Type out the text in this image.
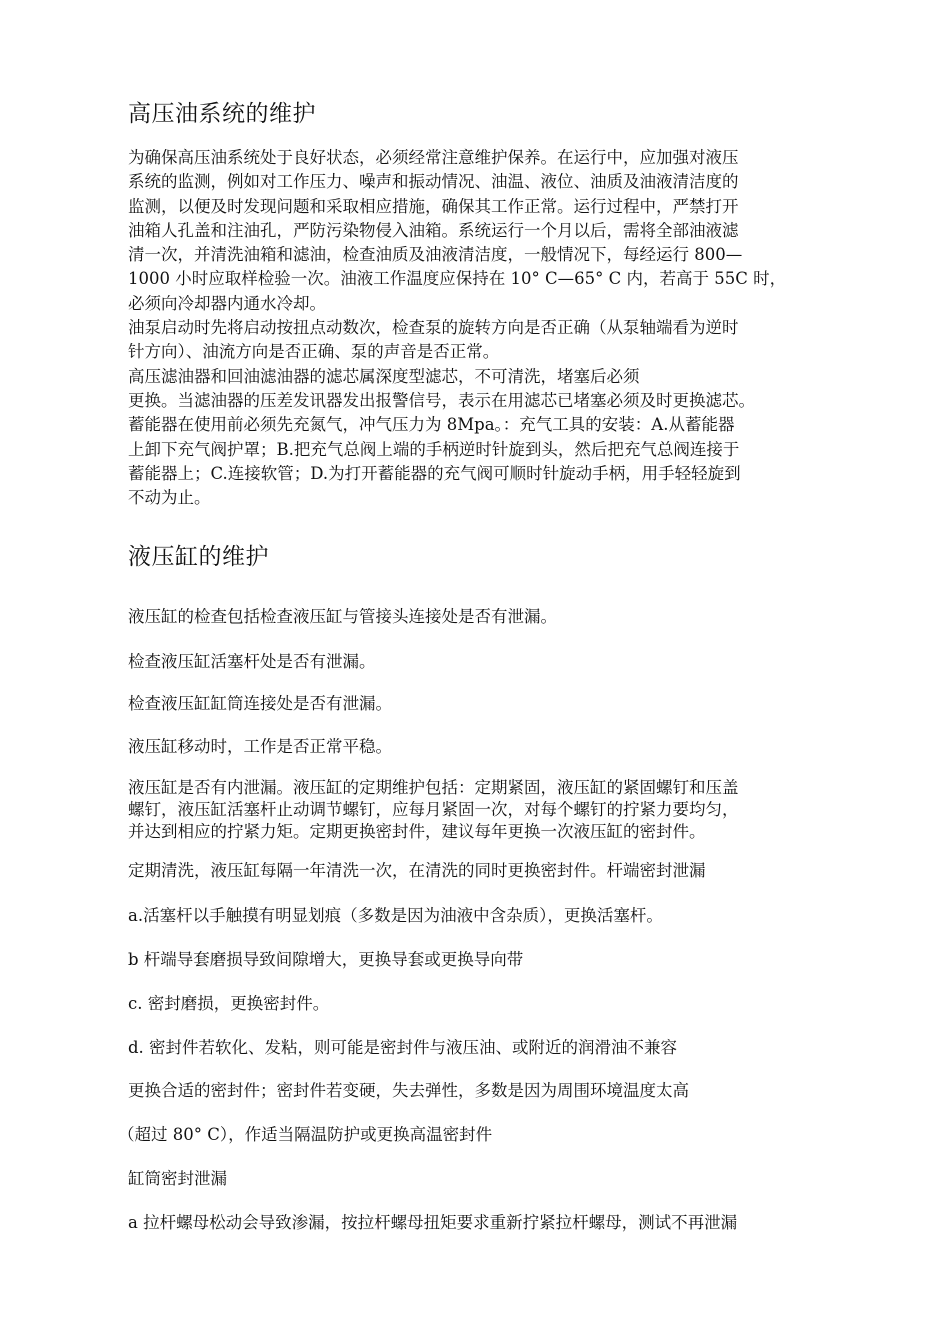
高压油系统的维护
为确保高压油系统处于良好状态，必须经常注意维护保养。在运行中，应加强对液压
系统的监测，例如对工作压力、噪声和振动情况、油温、液位、油质及油液清洁度的
监测，以便及时发现问题和采取相应措施，确保其工作正常。运行过程中，严禁打开
油箱人孔盖和注油孔，严防污染物侵入油箱。系统运行一个月以后，需将全部油液滤
清一次，并清洗油箱和滤油，检查油质及油液清洁度，一般情况下，每经运行 800—
1000 小时应取样检验一次。油液工作温度应保持在 10° C—65° C 内，若高于 55C 时，
必须向冷却器内通水冷却。
油泵启动时先将启动按扭点动数次，检查泵的旋转方向是否正确（从泵轴端看为逆时
针方向）、油流方向是否正确、泵的声音是否正常。
高压滤油器和回油滤油器的滤芯属深度型滤芯，不可清洗，堵塞后必须
更换。当滤油器的压差发讯器发出报警信号，表示在用滤芯已堵塞必须及时更换滤芯。
蓄能器在使用前必须先充氮气，冲气压力为 8Mpa。：充气工具的安装：A.从蓄能器
上卸下充气阀护罩；B.把充气总阀上端的手柄逆时针旋到头，然后把充气总阀连接于
蓄能器上；C.连接软管；D.为打开蓄能器的充气阀可顺时针旋动手柄，用手轻轻旋到
不动为止。
液压缸的维护

液压缸的检查包括检查液压缸与管接头连接处是否有泄漏。

检查液压缸活塞杆处是否有泄漏。

检查液压缸缸筒连接处是否有泄漏。

液压缸移动时，工作是否正常平稳。

液压缸是否有内泄漏。液压缸的定期维护包括：定期紧固，液压缸的紧固螺钉和压盖
螺钉，液压缸活塞杆止动调节螺钉，应每月紧固一次，对每个螺钉的拧紧力要均匀，
并达到相应的拧紧力矩。定期更换密封件，建议每年更换一次液压缸的密封件。

定期清洗，液压缸每隔一年清洗一次，在清洗的同时更换密封件。杆端密封泄漏

a.活塞杆以手触摸有明显划痕（多数是因为油液中含杂质），更换活塞杆。

b 杆端导套磨损导致间隙增大，更换导套或更换导向带

c. 密封磨损，更换密封件。

d. 密封件若软化、发粘，则可能是密封件与液压油、或附近的润滑油不兼容

更换合适的密封件；密封件若变硬，失去弹性，多数是因为周围环境温度太高

（超过 80° C），作适当隔温防护或更换高温密封件

缸筒密封泄漏

a 拉杆螺母松动会导致渗漏，按拉杆螺母扭矩要求重新拧紧拉杆螺母，测试不再泄漏
